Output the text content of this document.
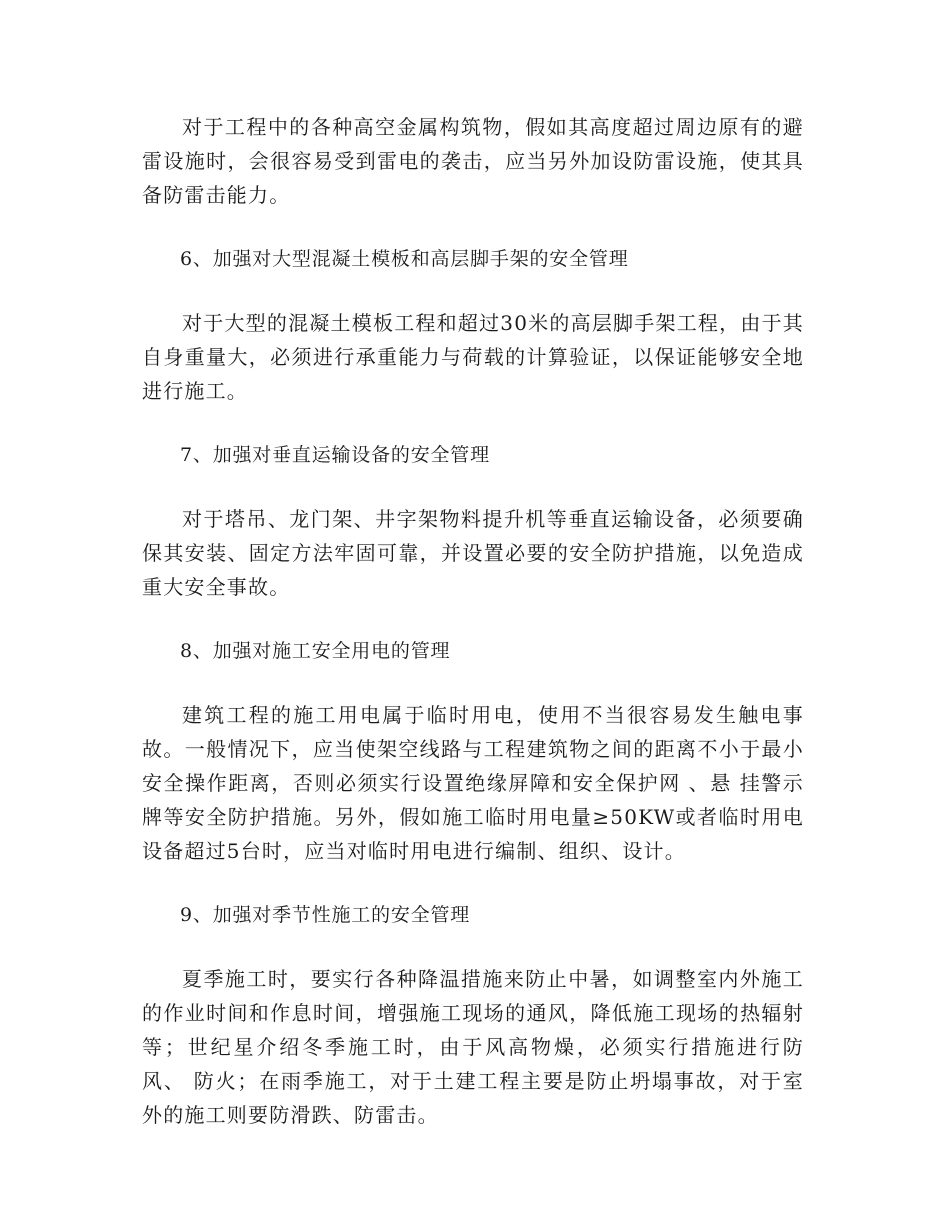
对于工程中的各种高空金属构筑物，假如其高度超过周边原有的避雷设施时，会很容易受到雷电的袭击，应当另外加设防雷设施，使其具备防雷击能力。

6、加强对大型混凝土模板和高层脚手架的安全管理

对于大型的混凝土模板工程和超过30米的高层脚手架工程，由于其自身重量大，必须进行承重能力与荷载的计算验证，以保证能够安全地进行施工。

7、加强对垂直运输设备的安全管理

对于塔吊、龙门架、井字架物料提升机等垂直运输设备，必须要确保其安装、固定方法牢固可靠，并设置必要的安全防护措施，以免造成重大安全事故。

8、加强对施工安全用电的管理

建筑工程的施工用电属于临时用电，使用不当很容易发生触电事故。一般情况下，应当使架空线路与工程建筑物之间的距离不小于最小安全操作距离，否则必须实行设置绝缘屏障和安全保护网 、悬 挂警示牌等安全防护措施。另外，假如施工临时用电量≥50KW或者临时用电设备超过5台时，应当对临时用电进行编制、组织、设计。

9、加强对季节性施工的安全管理

夏季施工时，要实行各种降温措施来防止中暑，如调整室内外施工的作业时间和作息时间，增强施工现场的通风，降低施工现场的热辐射等；世纪星介绍冬季施工时，由于风高物燥，必须实行措施进行防 风、 防火；在雨季施工，对于土建工程主要是防止坍塌事故，对于室外的施工则要防滑跌、防雷击。
